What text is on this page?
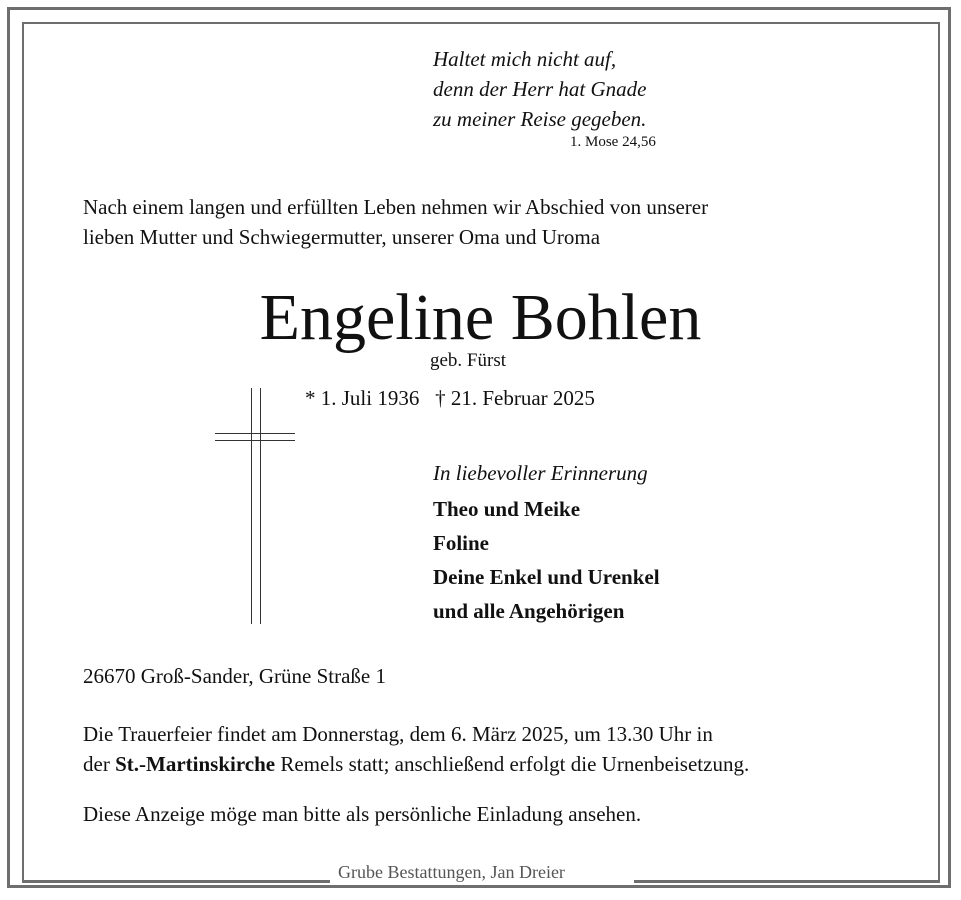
Haltet mich nicht auf,
denn der Herr hat Gnade
zu meiner Reise gegeben.
1. Mose 24,56
Nach einem langen und erfüllten Leben nehmen wir Abschied von unserer
lieben Mutter und Schwiegermutter, unserer Oma und Uroma
Engeline Bohlen
geb. Fürst
* 1. Juli 1936 † 21. Februar 2025
In liebevoller Erinnerung
Theo und Meike
Foline
Deine Enkel und Urenkel
und alle Angehörigen
26670 Groß-Sander, Grüne Straße 1
Die Trauerfeier findet am Donnerstag, dem 6. März 2025, um 13.30 Uhr in
der St.-Martinskirche Remels statt; anschließend erfolgt die Urnenbeisetzung.
Diese Anzeige möge man bitte als persönliche Einladung ansehen.
Grube Bestattungen, Jan Dreier
